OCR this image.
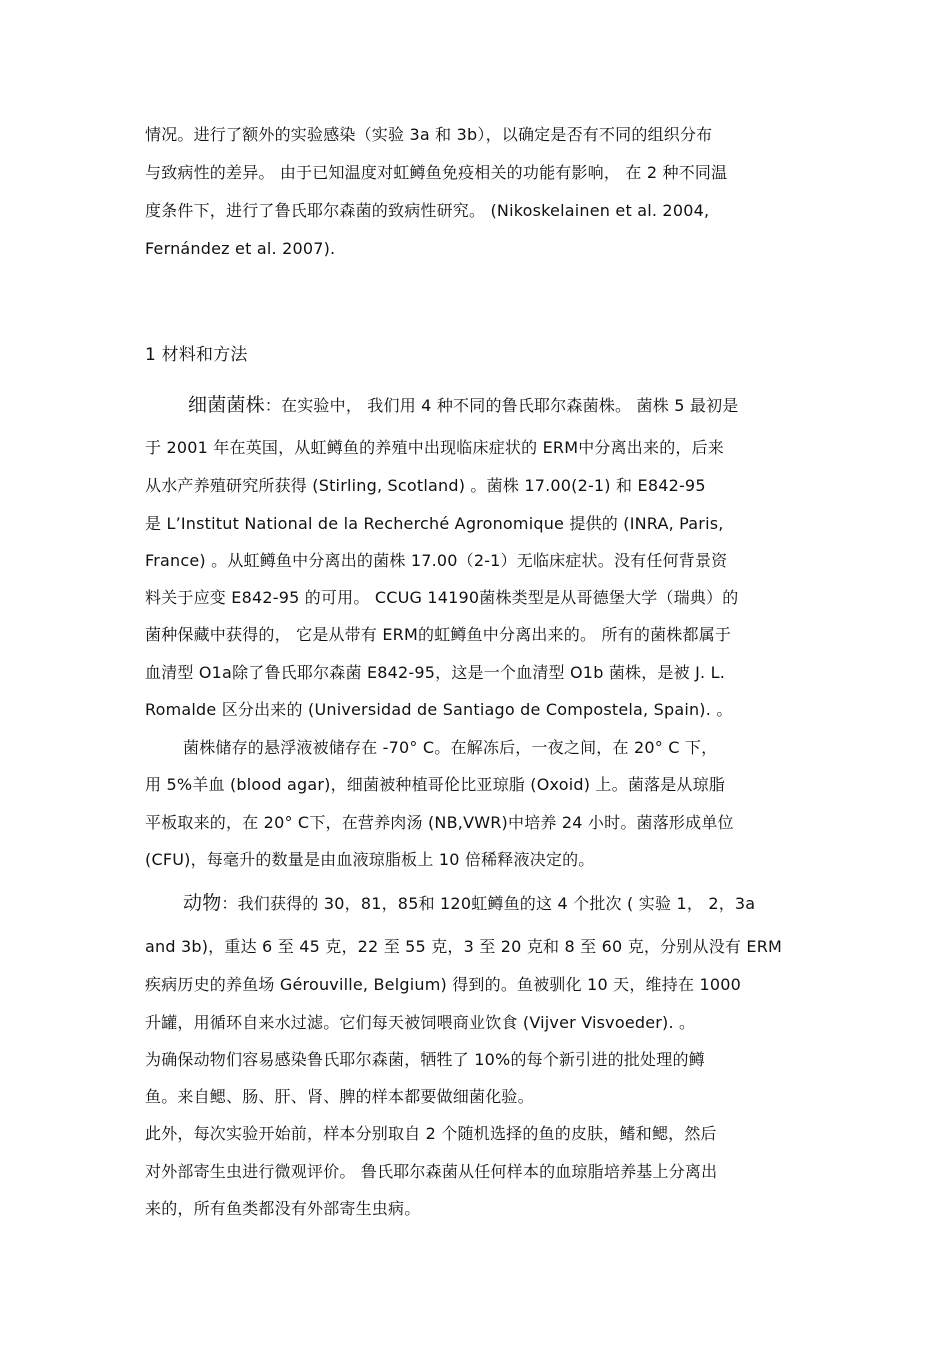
情况。进行了额外的实验感染（实验 3a 和 3b），以确定是否有不同的组织分布
与致病性的差异。 由于已知温度对虹鳟鱼免疫相关的功能有影响， 在 2 种不同温
度条件下，进行了鲁氏耶尔森菌的致病性研究。 (Nikoskelainen et al. 2004,
Fernández et al. 2007).
1 材料和方法
细菌菌株：在实验中， 我们用 4 种不同的鲁氏耶尔森菌株。 菌株 5 最初是
于 2001 年在英国，从虹鳟鱼的养殖中出现临床症状的 ERM中分离出来的，后来
从水产养殖研究所获得 (Stirling, Scotland) 。菌株 17.00(2-1) 和 E842-95
是 L’Institut National de la Recherché Agronomique 提供的 (INRA, Paris,
France) 。从虹鳟鱼中分离出的菌株 17.00（2-1）无临床症状。没有任何背景资
料关于应变 E842-95 的可用。 CCUG 14190菌株类型是从哥德堡大学（瑞典）的
菌种保藏中获得的， 它是从带有 ERM的虹鳟鱼中分离出来的。 所有的菌株都属于
血清型 O1a除了鲁氏耶尔森菌 E842-95，这是一个血清型 O1b 菌株，是被 J. L.
Romalde 区分出来的 (Universidad de Santiago de Compostela, Spain). 。
菌株储存的悬浮液被储存在 -70° C。在解冻后，一夜之间，在 20° C 下，
用 5%羊血 (blood agar)，细菌被种植哥伦比亚琼脂 (Oxoid) 上。菌落是从琼脂
平板取来的，在 20° C下，在营养肉汤 (NB,VWR)中培养 24 小时。菌落形成单位
(CFU)，每毫升的数量是由血液琼脂板上 10 倍稀释液决定的。
动物：我们获得的 30，81，85和 120虹鳟鱼的这 4 个批次 ( 实验 1， 2，3a
and 3b)，重达 6 至 45 克，22 至 55 克，3 至 20 克和 8 至 60 克，分别从没有 ERM
疾病历史的养鱼场 Gérouville, Belgium) 得到的。鱼被驯化 10 天，维持在 1000
升罐，用循环自来水过滤。它们每天被饲喂商业饮食 (Vijver Visvoeder). 。
为确保动物们容易感染鲁氏耶尔森菌，牺牲了 10%的每个新引进的批处理的鳟
鱼。来自鳃、肠、肝、肾、脾的样本都要做细菌化验。
此外，每次实验开始前，样本分别取自 2 个随机选择的鱼的皮肤，鳍和鳃，然后
对外部寄生虫进行微观评价。 鲁氏耶尔森菌从任何样本的血琼脂培养基上分离出
来的，所有鱼类都没有外部寄生虫病。
